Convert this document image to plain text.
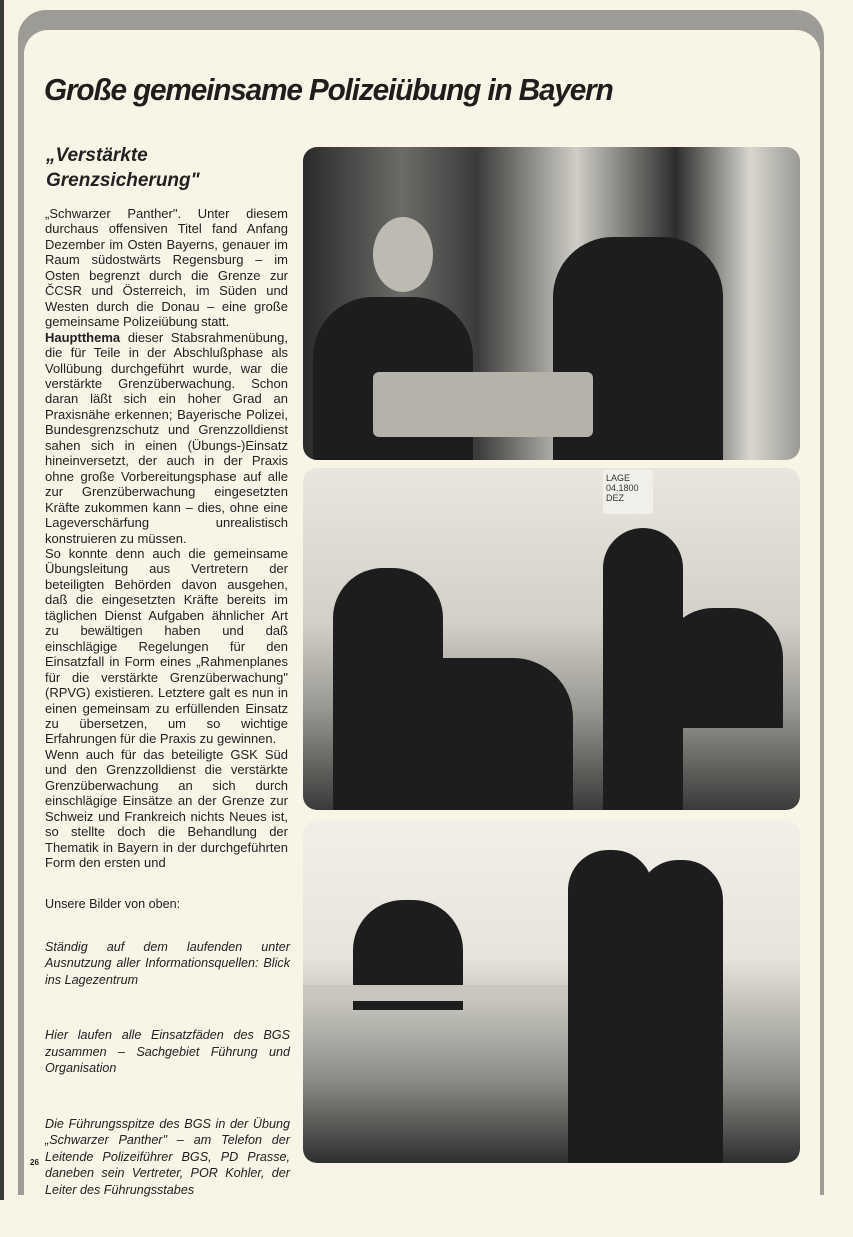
Große gemeinsame Polizeiübung in Bayern
„Verstärkte
Grenzsicherung"

„Schwarzer Panther". Unter diesem durchaus offensiven Titel fand Anfang Dezember im Osten Bayerns, genauer im Raum südostwärts Regensburg – im Osten begrenzt durch die Grenze zur ČCSR und Österreich, im Süden und Westen durch die Donau – eine große gemeinsame Polizeiübung statt.

Hauptthema dieser Stabsrahmenübung, die für Teile in der Abschlußphase als Vollübung durchgeführt wurde, war die verstärkte Grenzüberwachung. Schon daran läßt sich ein hoher Grad an Praxisnähe erkennen; Bayerische Polizei, Bundesgrenzschutz und Grenzzolldienst sahen sich in einen (Übungs-)Einsatz hineinversetzt, der auch in der Praxis ohne große Vorbereitungsphase auf alle zur Grenzüberwachung eingesetzten Kräfte zukommen kann – dies, ohne eine Lageverschärfung unrealistisch konstruieren zu müssen.

So konnte denn auch die gemeinsame Übungsleitung aus Vertretern der beteiligten Behörden davon ausgehen, daß die eingesetzten Kräfte bereits im täglichen Dienst Aufgaben ähnlicher Art zu bewältigen haben und daß einschlägige Regelungen für den Einsatzfall in Form eines „Rahmenplanes für die verstärkte Grenzüberwachung" (RPVG) existieren. Letztere galt es nun in einen gemeinsam zu erfüllenden Einsatz zu übersetzen, um so wichtige Erfahrungen für die Praxis zu gewinnen.

Wenn auch für das beteiligte GSK Süd und den Grenzzolldienst die verstärkte Grenzüberwachung an sich durch einschlägige Einsätze an der Grenze zur Schweiz und Frankreich nichts Neues ist, so stellte doch die Behandlung der Thematik in Bayern in der durchgeführten Form den ersten und

Unsere Bilder von oben:

Ständig auf dem laufenden unter Ausnutzung aller Informationsquellen: Blick ins Lagezentrum

Hier laufen alle Einsatzfäden des BGS zusammen – Sachgebiet Führung und Organisation

Die Führungsspitze des BGS in der Übung „Schwarzer Panther" – am Telefon der Leitende Polizeiführer BGS, PD Prasse, daneben sein Vertreter, POR Kohler, der Leiter des Führungsstabes

26
LAGE
04.1800 DEZ
